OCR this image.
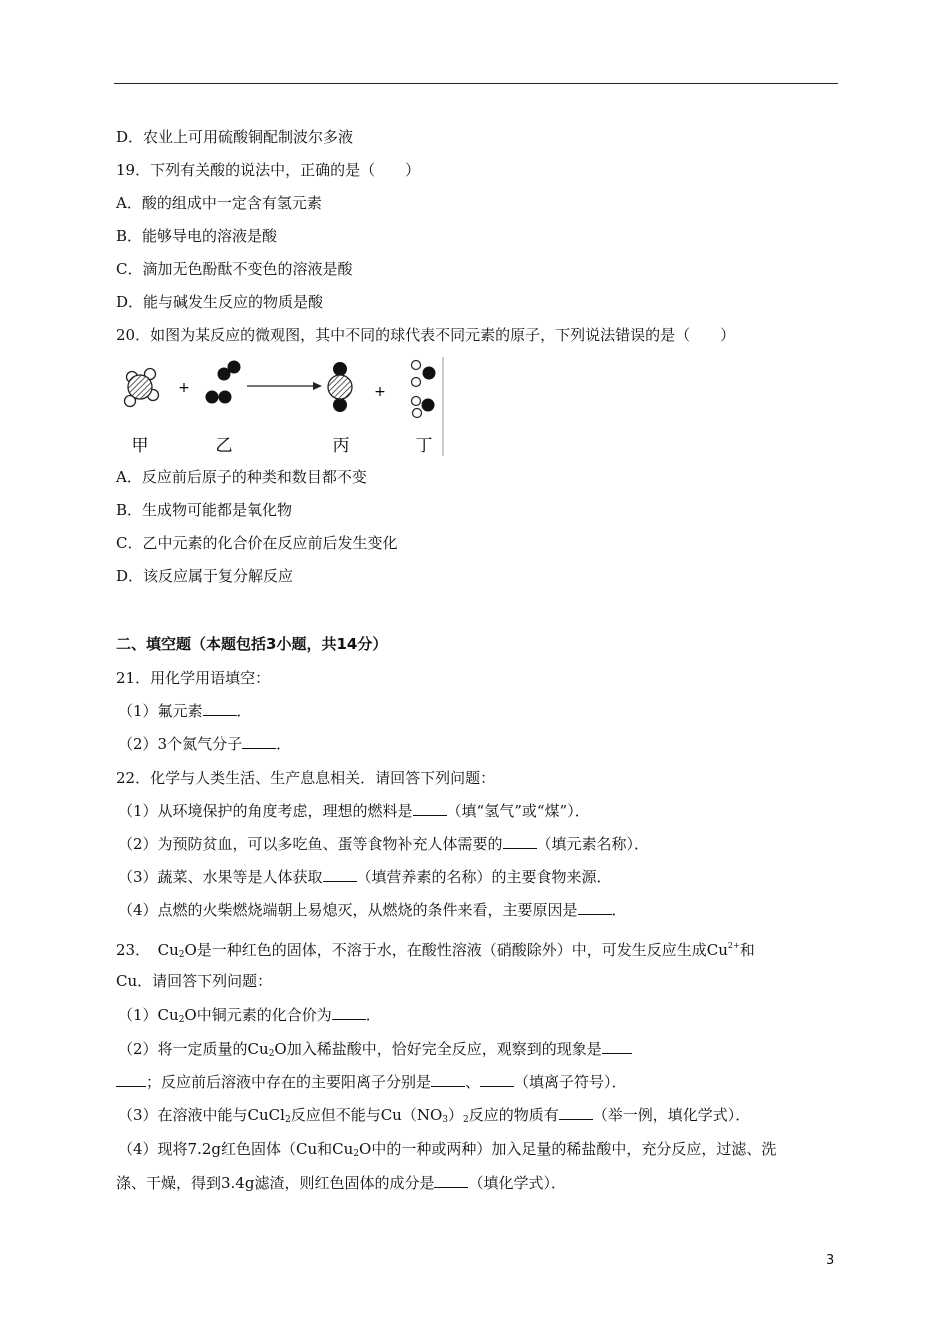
D．农业上可用硫酸铜配制波尔多液
19．下列有关酸的说法中，正确的是（　　）
A．酸的组成中一定含有氢元素
B．能够导电的溶液是酸
C．滴加无色酚酞不变色的溶液是酸
D．能与碱发生反应的物质是酸
20．如图为某反应的微观图，其中不同的球代表不同元素的原子，下列说法错误的是（　　）
+	+
甲	乙	丙	丁
A．反应前后原子的种类和数目都不变
B．生成物可能都是氧化物
C．乙中元素的化合价在反应前后发生变化
D．该反应属于复分解反应
二、填空题（本题包括3小题，共14分）
21．用化学用语填空：
（1）氟元素 ．
（2）3个氮气分子 ．
22．化学与人类生活、生产息息相关．请回答下列问题：
（1）从环境保护的角度考虑，理想的燃料是 （填“氢气”或“煤”）．
（2）为预防贫血，可以多吃鱼、蛋等食物补充人体需要的 （填元素名称）．
（3）蔬菜、水果等是人体获取 （填营养素的名称）的主要食物来源．
（4）点燃的火柴燃烧端朝上易熄灭，从燃烧的条件来看，主要原因是 ．
23．　$Cu_2O$是一种红色的固体，不溶于水，在酸性溶液（硝酸除外）中，可发生反应生成$Cu^{2+}$和
Cu．请回答下列问题：
$(1)Cu_2O$中铜元素的化合价为 ．
（2）将一定质量的$Cu_2O$加入稀盐酸中，恰好完全反应，观察到的现象是
；反应前后溶液中存在的主要阳离子分别是 、 （填离子符号）．
（3）在溶液中能与CuCl$_2$反应但不能与$Cu(NO_3)_2$反应的物质有 （举一例，填化学式）．
（4）现将7.2g红色固体（Cu和$Cu_2O$中的一种或两种）加入足量的稀盐酸中，充分反应，过滤、洗
涤、干燥，得到3.4g滤渣，则红色固体的成分是 （填化学式）．
3
